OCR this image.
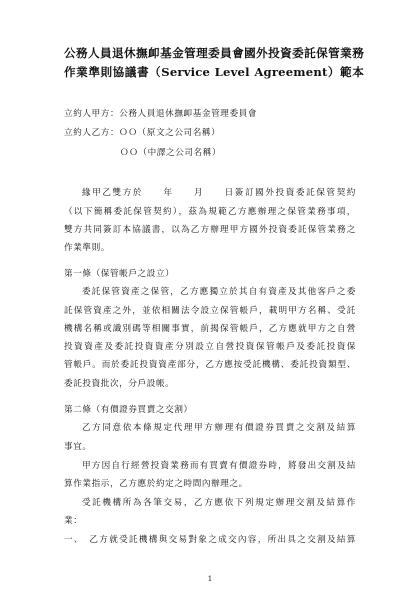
公務人員退休撫卹基金管理委員會國外投資委託保管業務
作業準則協議書（Service Level Agreement）範本
立約人甲方：公務人員退休撫卹基金管理委員會
立約人乙方：ＯＯ（原文之公司名稱）
ＯＯ（中譯之公司名稱）
緣甲乙雙方於　　年　　月　　日簽訂國外投資委託保管契約
（以下簡稱委託保管契約），茲為規範乙方應辦理之保管業務事項，
雙方共同簽訂本協議書，以為乙方辦理甲方國外投資委託保管業務之
作業準則。
第一條（保管帳戶之設立）
委託保管資產之保管，乙方應獨立於其自有資產及其他客戶之委
託保管資產之外，並依相關法令設立保管帳戶，載明甲方名稱、受託
機構名稱或識別碼等相關事實，前揭保管帳戶，乙方應就甲方之自營
投資資產及委託投資資產分別設立自營投資保管帳戶及委託投資保
管帳戶。而於委託投資資產部分，乙方應按受託機構、委託投資類型、
委託投資批次，分戶設帳。
第二條（有價證券買賣之交割）
乙方同意依本條規定代理甲方辦理有價證券買賣之交割及結算
事宜。
甲方因自行經營投資業務而有買賣有價證券時，將發出交割及結
算作業指示，乙方應於約定之時間內辦理之。
受託機構所為各筆交易，乙方應依下列規定辦理交割及結算作
業：
一、　乙方就受託機構與交易對象之成交內容，所出具之交割及結算
1
